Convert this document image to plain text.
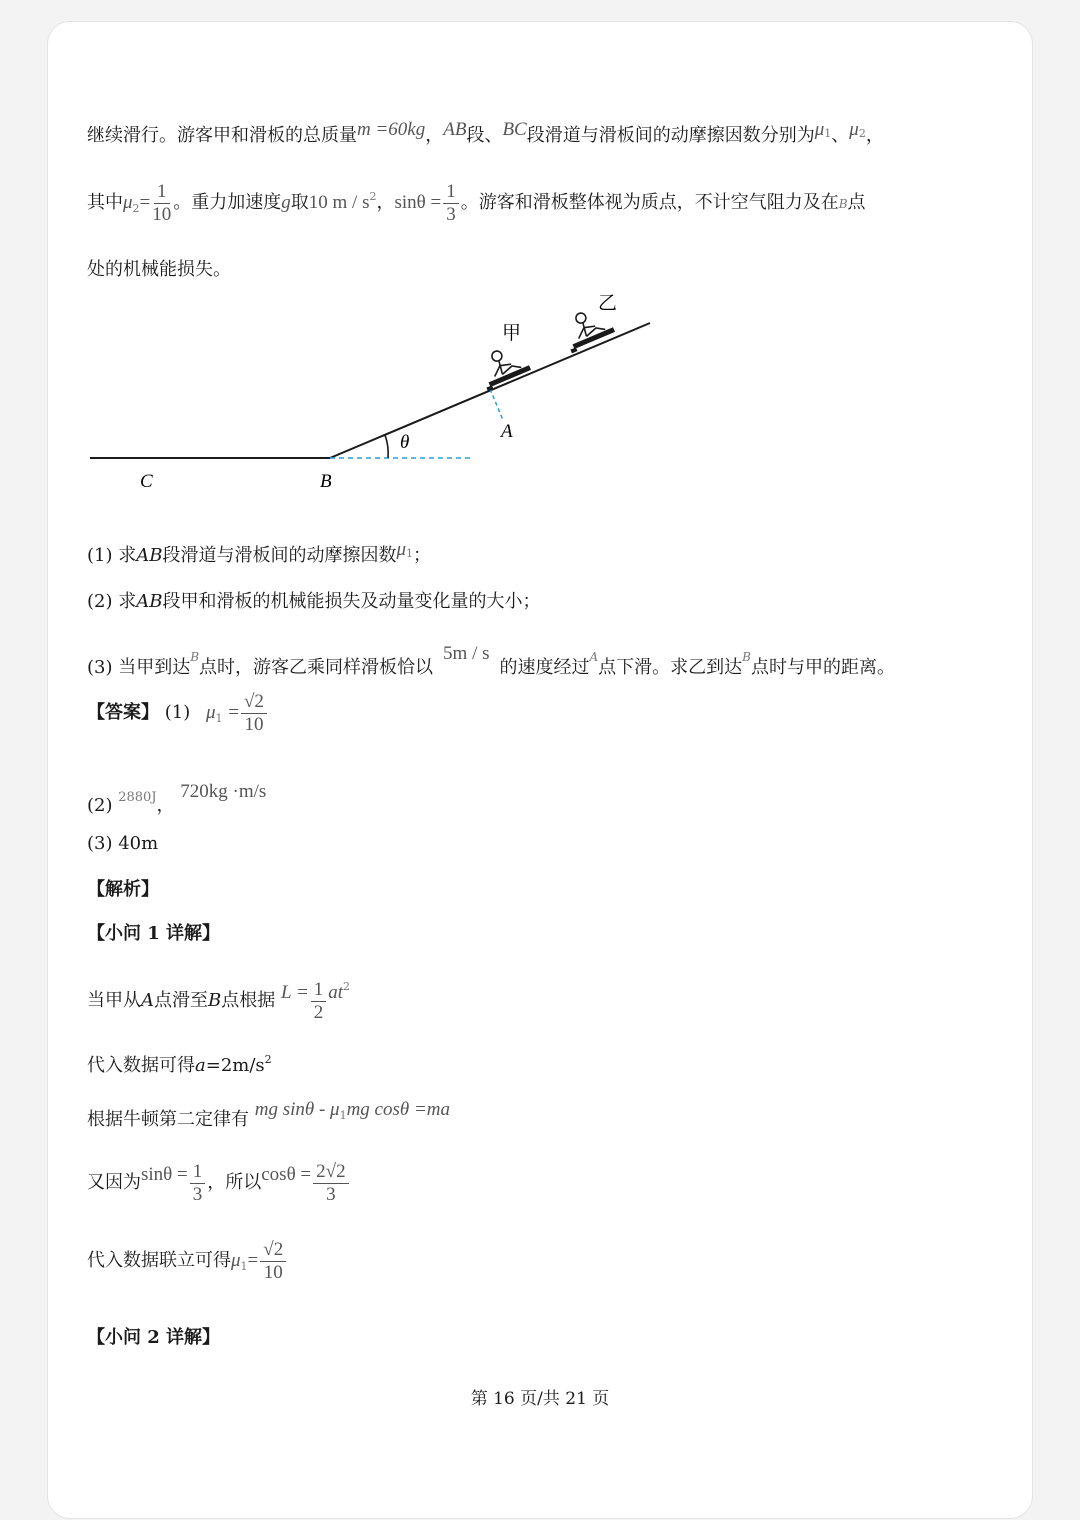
继续滑行。游客甲和滑板的总质量m =60kg，AB段、BC段滑道与滑板间的动摩擦因数分别为$\mu^1$、$\mu^2$，
其中$\mu_2= \frac{1}{10}$ 。重力加速度g取10 m / $s^2$，$\sin\theta = \frac{1}{3}$ 。游客和滑板整体视为质点，不计空气阻力及在B点
处的机械能损失。
θ
A
B
C
甲
乙
(1) 求AB段滑道与滑板间的动摩擦因数$\mu^1$；
(2) 求AB段甲和滑板的机械能损失及动量变化量的大小；
(3) 当甲到达$^B$点时，游客乙乘同样滑板恰以5m / s的速度经过$^A$点下滑。求乙到达$^B$点时与甲的距离。
【答案】 (1) $\mu_1 = \frac{√2}{10}$
(2) $^{2880J}$， 720kg ·m/s
(3) 40m
【解析】
【小问 1 详解】
当甲从A点滑至B点根据 $L = \frac{1}{2} at^2$
代入数据可得$a=2m/s^2$
根据牛顿第二定律有 mg sinθ - $\mu^1mg$ cosθ =ma
又因为$\sin\theta = \frac{1}{3}$ ，所以$\cos\theta = \frac{2√2}{3}$
代入数据联立可得$\mu_1= \frac{√2}{10}$
【小问 2 详解】
第 16 页/共 21 页
